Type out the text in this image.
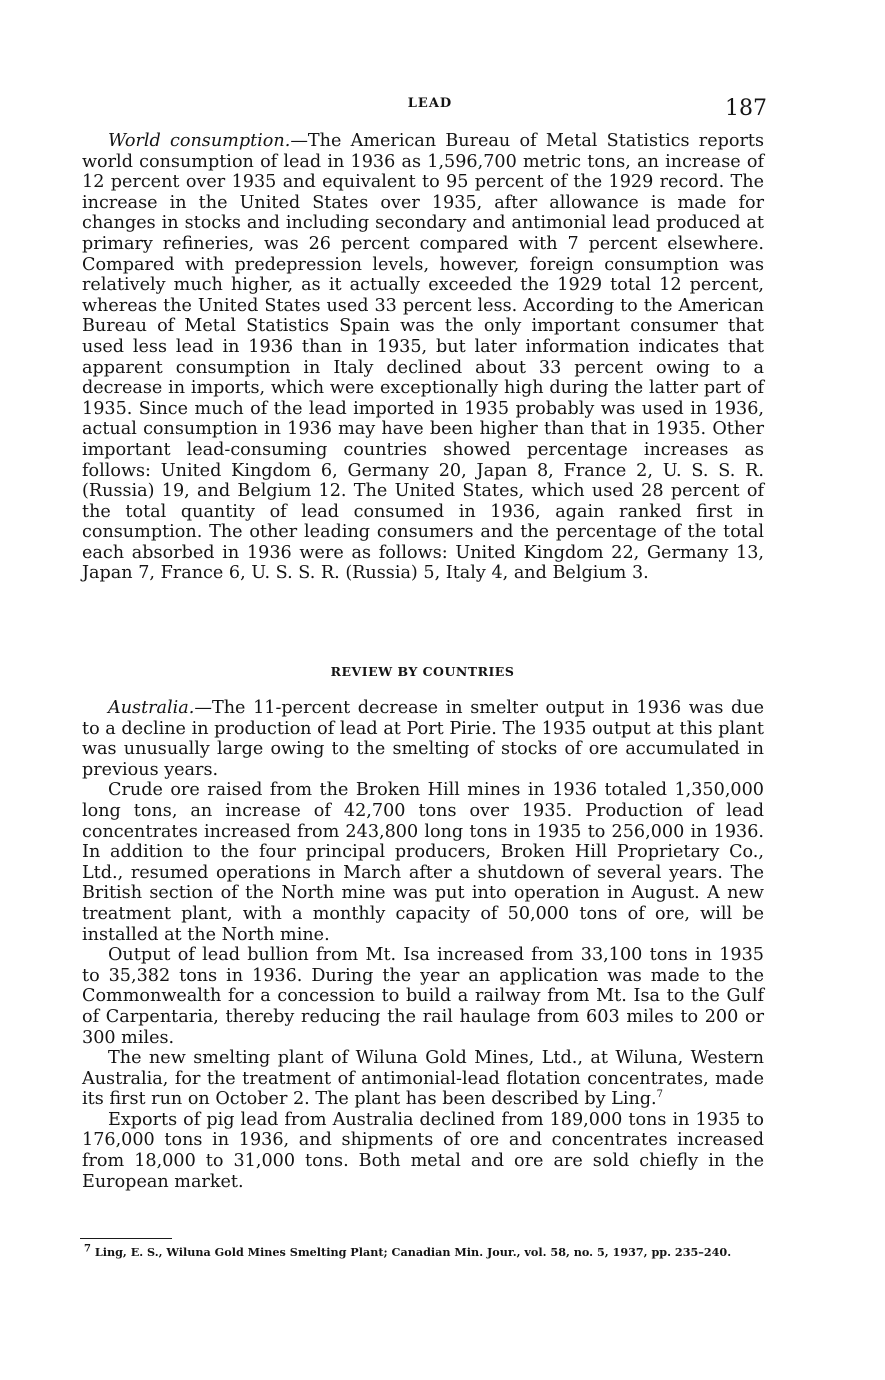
LEAD	187

World consumption.—The American Bureau of Metal Statistics reports world consumption of lead in 1936 as 1,596,700 metric tons, an increase of 12 percent over 1935 and equivalent to 95 percent of the 1929 record. The increase in the United States over 1935, after allowance is made for changes in stocks and including secondary and antimonial lead produced at primary refineries, was 26 percent compared with 7 percent elsewhere. Compared with predepression levels, however, foreign consumption was relatively much higher, as it actually exceeded the 1929 total 12 percent, whereas the United States used 33 percent less. According to the American Bureau of Metal Statistics Spain was the only important consumer that used less lead in 1936 than in 1935, but later information indicates that apparent consumption in Italy declined about 33 percent owing to a decrease in imports, which were exceptionally high during the latter part of 1935. Since much of the lead imported in 1935 probably was used in 1936, actual consumption in 1936 may have been higher than that in 1935. Other important lead-consuming countries showed percentage increases as follows: United Kingdom 6, Germany 20, Japan 8, France 2, U. S. S. R. (Russia) 19, and Belgium 12. The United States, which used 28 percent of the total quantity of lead consumed in 1936, again ranked first in consumption. The other leading consumers and the percentage of the total each absorbed in 1936 were as follows: United Kingdom 22, Germany 13, Japan 7, France 6, U. S. S. R. (Russia) 5, Italy 4, and Belgium 3.

REVIEW BY COUNTRIES

Australia.—The 11-percent decrease in smelter output in 1936 was due to a decline in production of lead at Port Pirie. The 1935 output at this plant was unusually large owing to the smelting of stocks of ore accumulated in previous years.

Crude ore raised from the Broken Hill mines in 1936 totaled 1,350,000 long tons, an increase of 42,700 tons over 1935. Production of lead concentrates increased from 243,800 long tons in 1935 to 256,000 in 1936. In addition to the four principal producers, Broken Hill Proprietary Co., Ltd., resumed operations in March after a shutdown of several years. The British section of the North mine was put into operation in August. A new treatment plant, with a monthly capacity of 50,000 tons of ore, will be installed at the North mine.

Output of lead bullion from Mt. Isa increased from 33,100 tons in 1935 to 35,382 tons in 1936. During the year an application was made to the Commonwealth for a concession to build a railway from Mt. Isa to the Gulf of Carpentaria, thereby reducing the rail haulage from 603 miles to 200 or 300 miles.

The new smelting plant of Wiluna Gold Mines, Ltd., at Wiluna, Western Australia, for the treatment of antimonial-lead flotation concentrates, made its first run on October 2. The plant has been described by Ling.$^7$

Exports of pig lead from Australia declined from 189,000 tons in 1935 to 176,000 tons in 1936, and shipments of ore and concentrates increased from 18,000 to 31,000 tons. Both metal and ore are sold chiefly in the European market.

$^7$ Ling, E. S., Wiluna Gold Mines Smelting Plant; Canadian Min. Jour., vol. 58, no. 5, 1937, pp. 235–240.
